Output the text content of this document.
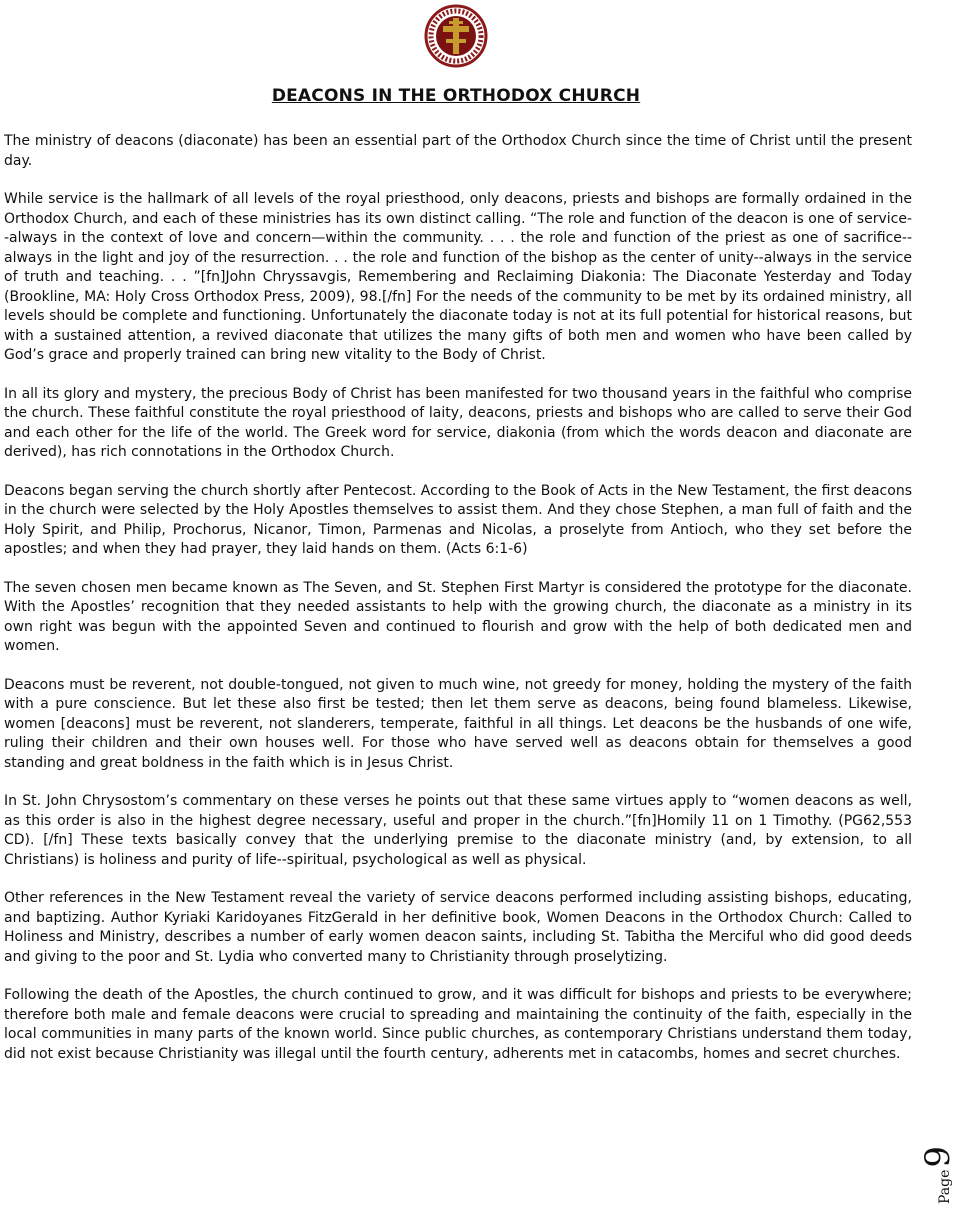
DEACONS IN THE ORTHODOX CHURCH

The ministry of deacons (diaconate) has been an essential part of the Orthodox Church since the time of Christ until the present day.

While service is the hallmark of all levels of the royal priesthood, only deacons, priests and bishops are formally ordained in the Orthodox Church, and each of these ministries has its own distinct calling. “The role and function of the deacon is one of service--always in the context of love and concern—within the community. . . . the role and function of the priest as one of sacrifice--always in the light and joy of the resurrection. . . the role and function of the bishop as the center of unity--always in the service of truth and teaching. . . ”[fn]John Chryssavgis, Remembering and Reclaiming Diakonia: The Diaconate Yesterday and Today (Brookline, MA: Holy Cross Orthodox Press, 2009), 98.[/fn] For the needs of the community to be met by its ordained ministry, all levels should be complete and functioning. Unfortunately the diaconate today is not at its full potential for historical reasons, but with a sustained attention, a revived diaconate that utilizes the many gifts of both men and women who have been called by God’s grace and properly trained can bring new vitality to the Body of Christ.

In all its glory and mystery, the precious Body of Christ has been manifested for two thousand years in the faithful who comprise the church. These faithful constitute the royal priesthood of laity, deacons, priests and bishops who are called to serve their God and each other for the life of the world. The Greek word for service, diakonia (from which the words deacon and diaconate are derived), has rich connotations in the Orthodox Church.

Deacons began serving the church shortly after Pentecost. According to the Book of Acts in the New Testament, the first deacons in the church were selected by the Holy Apostles themselves to assist them. And they chose Stephen, a man full of faith and the Holy Spirit, and Philip, Prochorus, Nicanor, Timon, Parmenas and Nicolas, a proselyte from Antioch, who they set before the apostles; and when they had prayer, they laid hands on them. (Acts 6:1-6)

The seven chosen men became known as The Seven, and St. Stephen First Martyr is considered the prototype for the diaconate. With the Apostles’ recognition that they needed assistants to help with the growing church, the diaconate as a ministry in its own right was begun with the appointed Seven and continued to flourish and grow with the help of both dedicated men and women.

Deacons must be reverent, not double-tongued, not given to much wine, not greedy for money, holding the mystery of the faith with a pure conscience. But let these also first be tested; then let them serve as deacons, being found blameless. Likewise, women [deacons] must be reverent, not slanderers, temperate, faithful in all things. Let deacons be the husbands of one wife, ruling their children and their own houses well. For those who have served well as deacons obtain for themselves a good standing and great boldness in the faith which is in Jesus Christ.

In St. John Chrysostom’s commentary on these verses he points out that these same virtues apply to “women deacons as well, as this order is also in the highest degree necessary, useful and proper in the church.”[fn]Homily 11 on 1 Timothy. (PG62,553 CD). [/fn] These texts basically convey that the underlying premise to the diaconate ministry (and, by extension, to all Christians) is holiness and purity of life--spiritual, psychological as well as physical.

Other references in the New Testament reveal the variety of service deacons performed including assisting bishops, educating, and baptizing. Author Kyriaki Karidoyanes FitzGerald in her definitive book, Women Deacons in the Orthodox Church: Called to Holiness and Ministry, describes a number of early women deacon saints, including St. Tabitha the Merciful who did good deeds and giving to the poor and St. Lydia who converted many to Christianity through proselytizing.

Following the death of the Apostles, the church continued to grow, and it was difficult for bishops and priests to be everywhere; therefore both male and female deacons were crucial to spreading and maintaining the continuity of the faith, especially in the local communities in many parts of the known world. Since public churches, as contemporary Christians understand them today, did not exist because Christianity was illegal until the fourth century, adherents met in catacombs, homes and secret churches.

Page9
